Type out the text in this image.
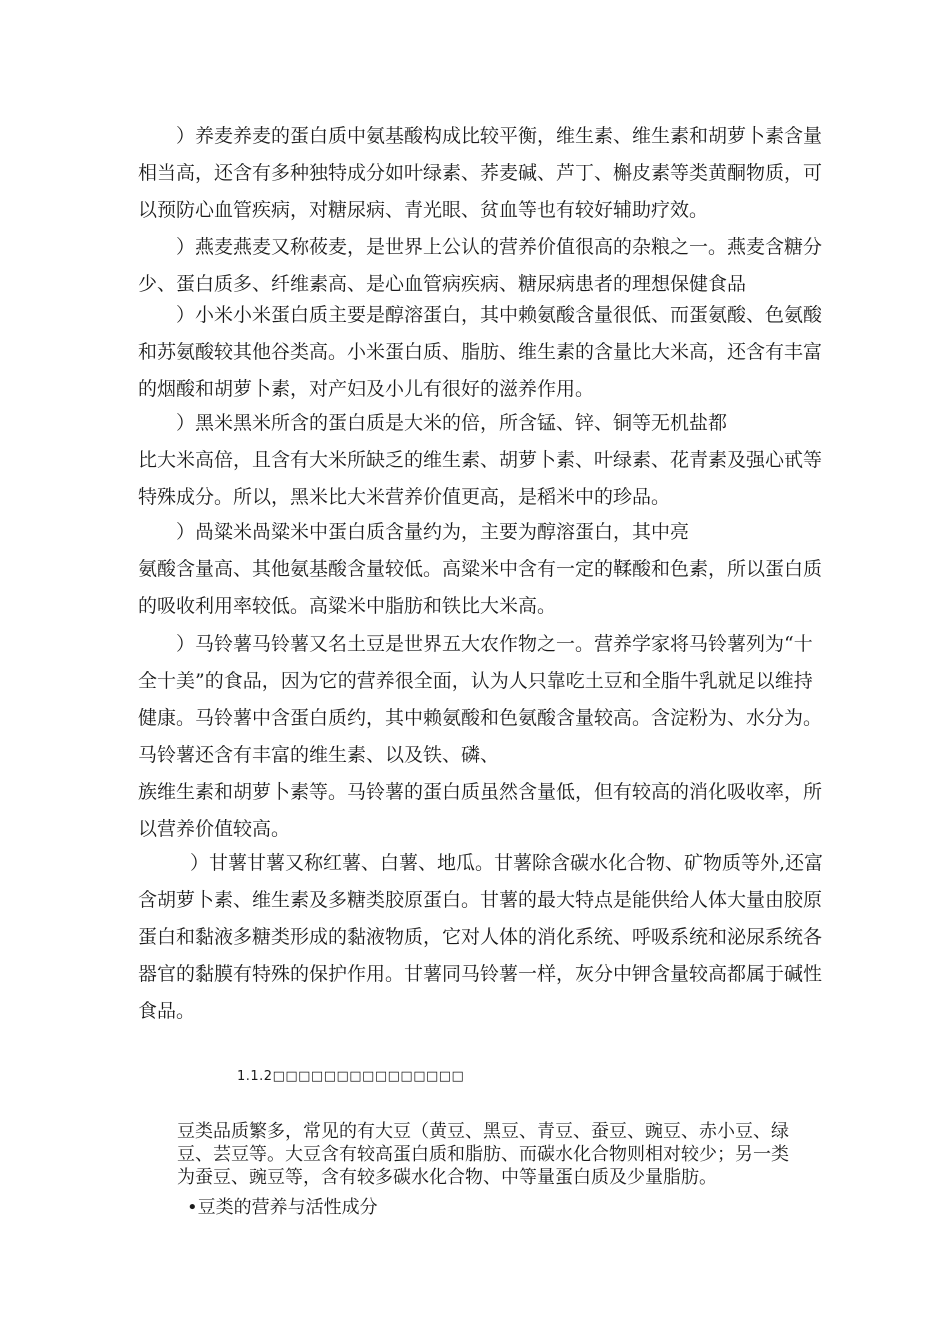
）养麦养麦的蛋白质中氨基酸构成比较平衡，维生素、维生素和胡萝卜素含量
相当高，还含有多种独特成分如叶绿素、荞麦碱、芦丁、槲皮素等类黄酮物质，可
以预防心血管疾病，对糖尿病、青光眼、贫血等也有较好辅助疗效。

）燕麦燕麦又称莜麦，是世界上公认的营养价值很高的杂粮之一。燕麦含糖分
少、蛋白质多、纤维素高、是心血管病疾病、糖尿病患者的理想保健食品

）小米小米蛋白质主要是醇溶蛋白，其中赖氨酸含量很低、而蛋氨酸、色氨酸
和苏氨酸较其他谷类高。小米蛋白质、脂肪、维生素的含量比大米高，还含有丰富
的烟酸和胡萝卜素，对产妇及小儿有很好的滋养作用。

）黑米黑米所含的蛋白质是大米的倍，所含锰、锌、铜等无机盐都
比大米高倍，且含有大米所缺乏的维生素、胡萝卜素、叶绿素、花青素及强心甙等
特殊成分。所以，黑米比大米营养价值更高，是稻米中的珍品。

）咼粱米咼粱米中蛋白质含量约为，主要为醇溶蛋白，其中亮
氨酸含量高、其他氨基酸含量较低。高粱米中含有一定的鞣酸和色素，所以蛋白质
的吸收利用率较低。高粱米中脂肪和铁比大米高。

）马铃薯马铃薯又名土豆是世界五大农作物之一。营养学家将马铃薯列为“十
全十美”的食品，因为它的营养很全面，认为人只靠吃土豆和全脂牛乳就足以维持
健康。马铃薯中含蛋白质约，其中赖氨酸和色氨酸含量较高。含淀粉为、水分为。
马铃薯还含有丰富的维生素、以及铁、磷、
族维生素和胡萝卜素等。马铃薯的蛋白质虽然含量低，但有较高的消化吸收率，所
以营养价值较高。

）甘薯甘薯又称红薯、白薯、地瓜。甘薯除含碳水化合物、矿物质等外,还富
含胡萝卜素、维生素及多糖类胶原蛋白。甘薯的最大特点是能供给人体大量由胶原
蛋白和黏液多糖类形成的黏液物质，它对人体的消化系统、呼吸系统和泌尿系统各
器官的黏膜有特殊的保护作用。甘薯同马铃薯一样，灰分中钾含量较高都属于碱性
食品。

1.1.2□□□□□□□□□□□□□□□

豆类品质繁多，常见的有大豆（黄豆、黑豆、青豆、蚕豆、豌豆、赤小豆、绿
豆、芸豆等。大豆含有较高蛋白质和脂肪、而碳水化合物则相对较少；另一类
为蚕豆、豌豆等，含有较多碳水化合物、中等量蛋白质及少量脂肪。

•豆类的营养与活性成分
